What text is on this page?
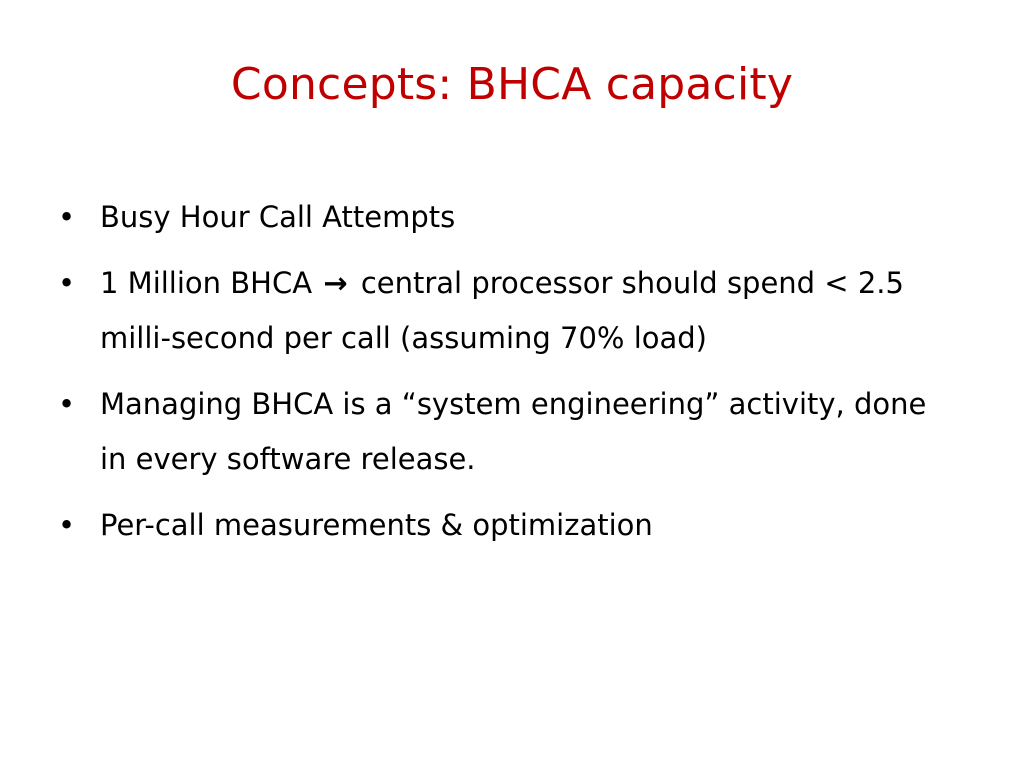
Concepts: BHCA capacity
• Busy Hour Call Attempts
• 1 Million BHCA → central processor should spend < 2.5 milli-second per call (assuming 70% load)
• Managing BHCA is a “system engineering” activity, done in every software release.
• Per-call measurements & optimization
